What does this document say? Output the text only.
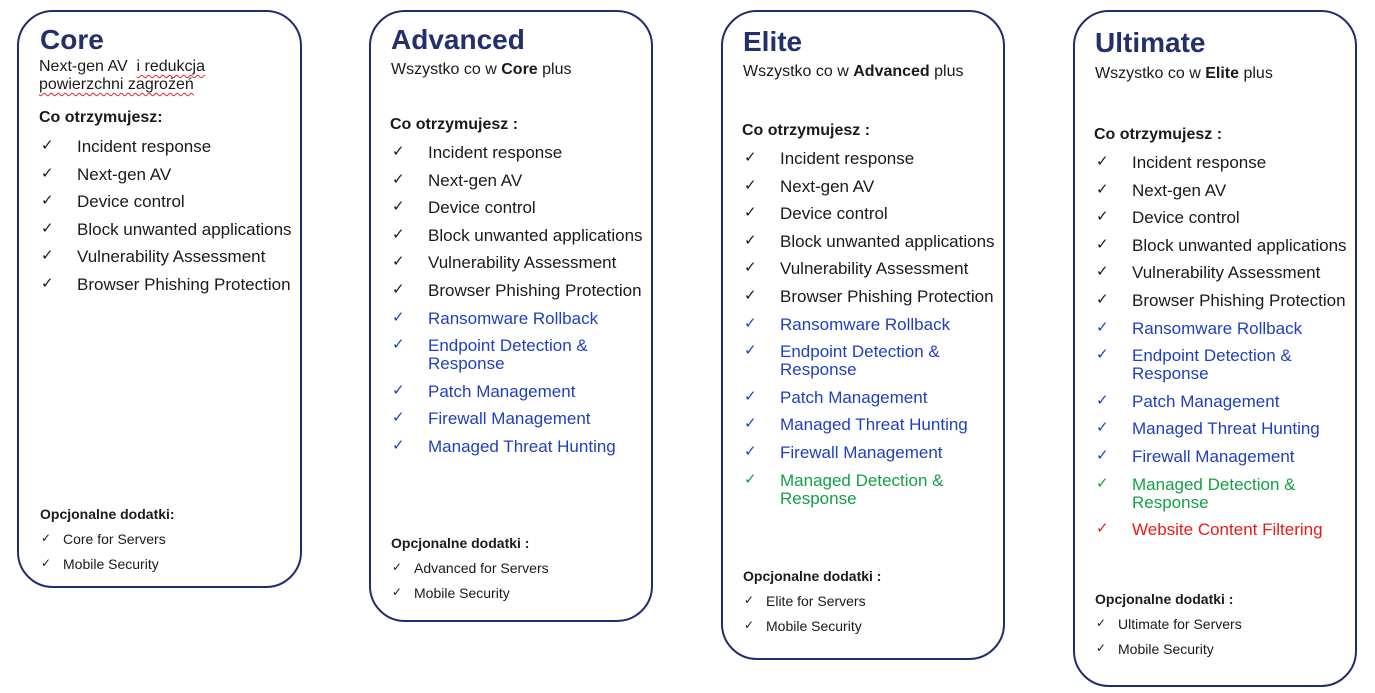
Core
Next-gen AV  i redukcja
powierzchni zagrożeń
Co otrzymujesz:
✓	Incident response
✓	Next-gen AV
✓	Device control
✓	Block unwanted applications
✓	Vulnerability Assessment
✓	Browser Phishing Protection
Opcjonalne dodatki:
✓ Core for Servers
✓ Mobile Security
Advanced
Wszystko co w Core plus
Co otrzymujesz :
✓	Incident response
✓	Next-gen AV
✓	Device control
✓	Block unwanted applications
✓	Vulnerability Assessment
✓	Browser Phishing Protection
✓	Ransomware Rollback
✓	Endpoint Detection & Response
✓	Patch Management
✓	Firewall Management
✓	Managed Threat Hunting
Opcjonalne dodatki :
✓ Advanced for Servers
✓ Mobile Security
Elite
Wszystko co w Advanced plus
Co otrzymujesz :
✓	Incident response
✓	Next-gen AV
✓	Device control
✓	Block unwanted applications
✓	Vulnerability Assessment
✓	Browser Phishing Protection
✓	Ransomware Rollback
✓	Endpoint Detection & Response
✓	Patch Management
✓	Managed Threat Hunting
✓	Firewall Management
✓	Managed Detection & Response
Opcjonalne dodatki :
✓ Elite for Servers
✓ Mobile Security
Ultimate
Wszystko co w Elite plus
Co otrzymujesz :
✓	Incident response
✓	Next-gen AV
✓	Device control
✓	Block unwanted applications
✓	Vulnerability Assessment
✓	Browser Phishing Protection
✓	Ransomware Rollback
✓	Endpoint Detection & Response
✓	Patch Management
✓	Managed Threat Hunting
✓	Firewall Management
✓	Managed Detection & Response
✓	Website Content Filtering
Opcjonalne dodatki :
✓ Ultimate for Servers
✓ Mobile Security
